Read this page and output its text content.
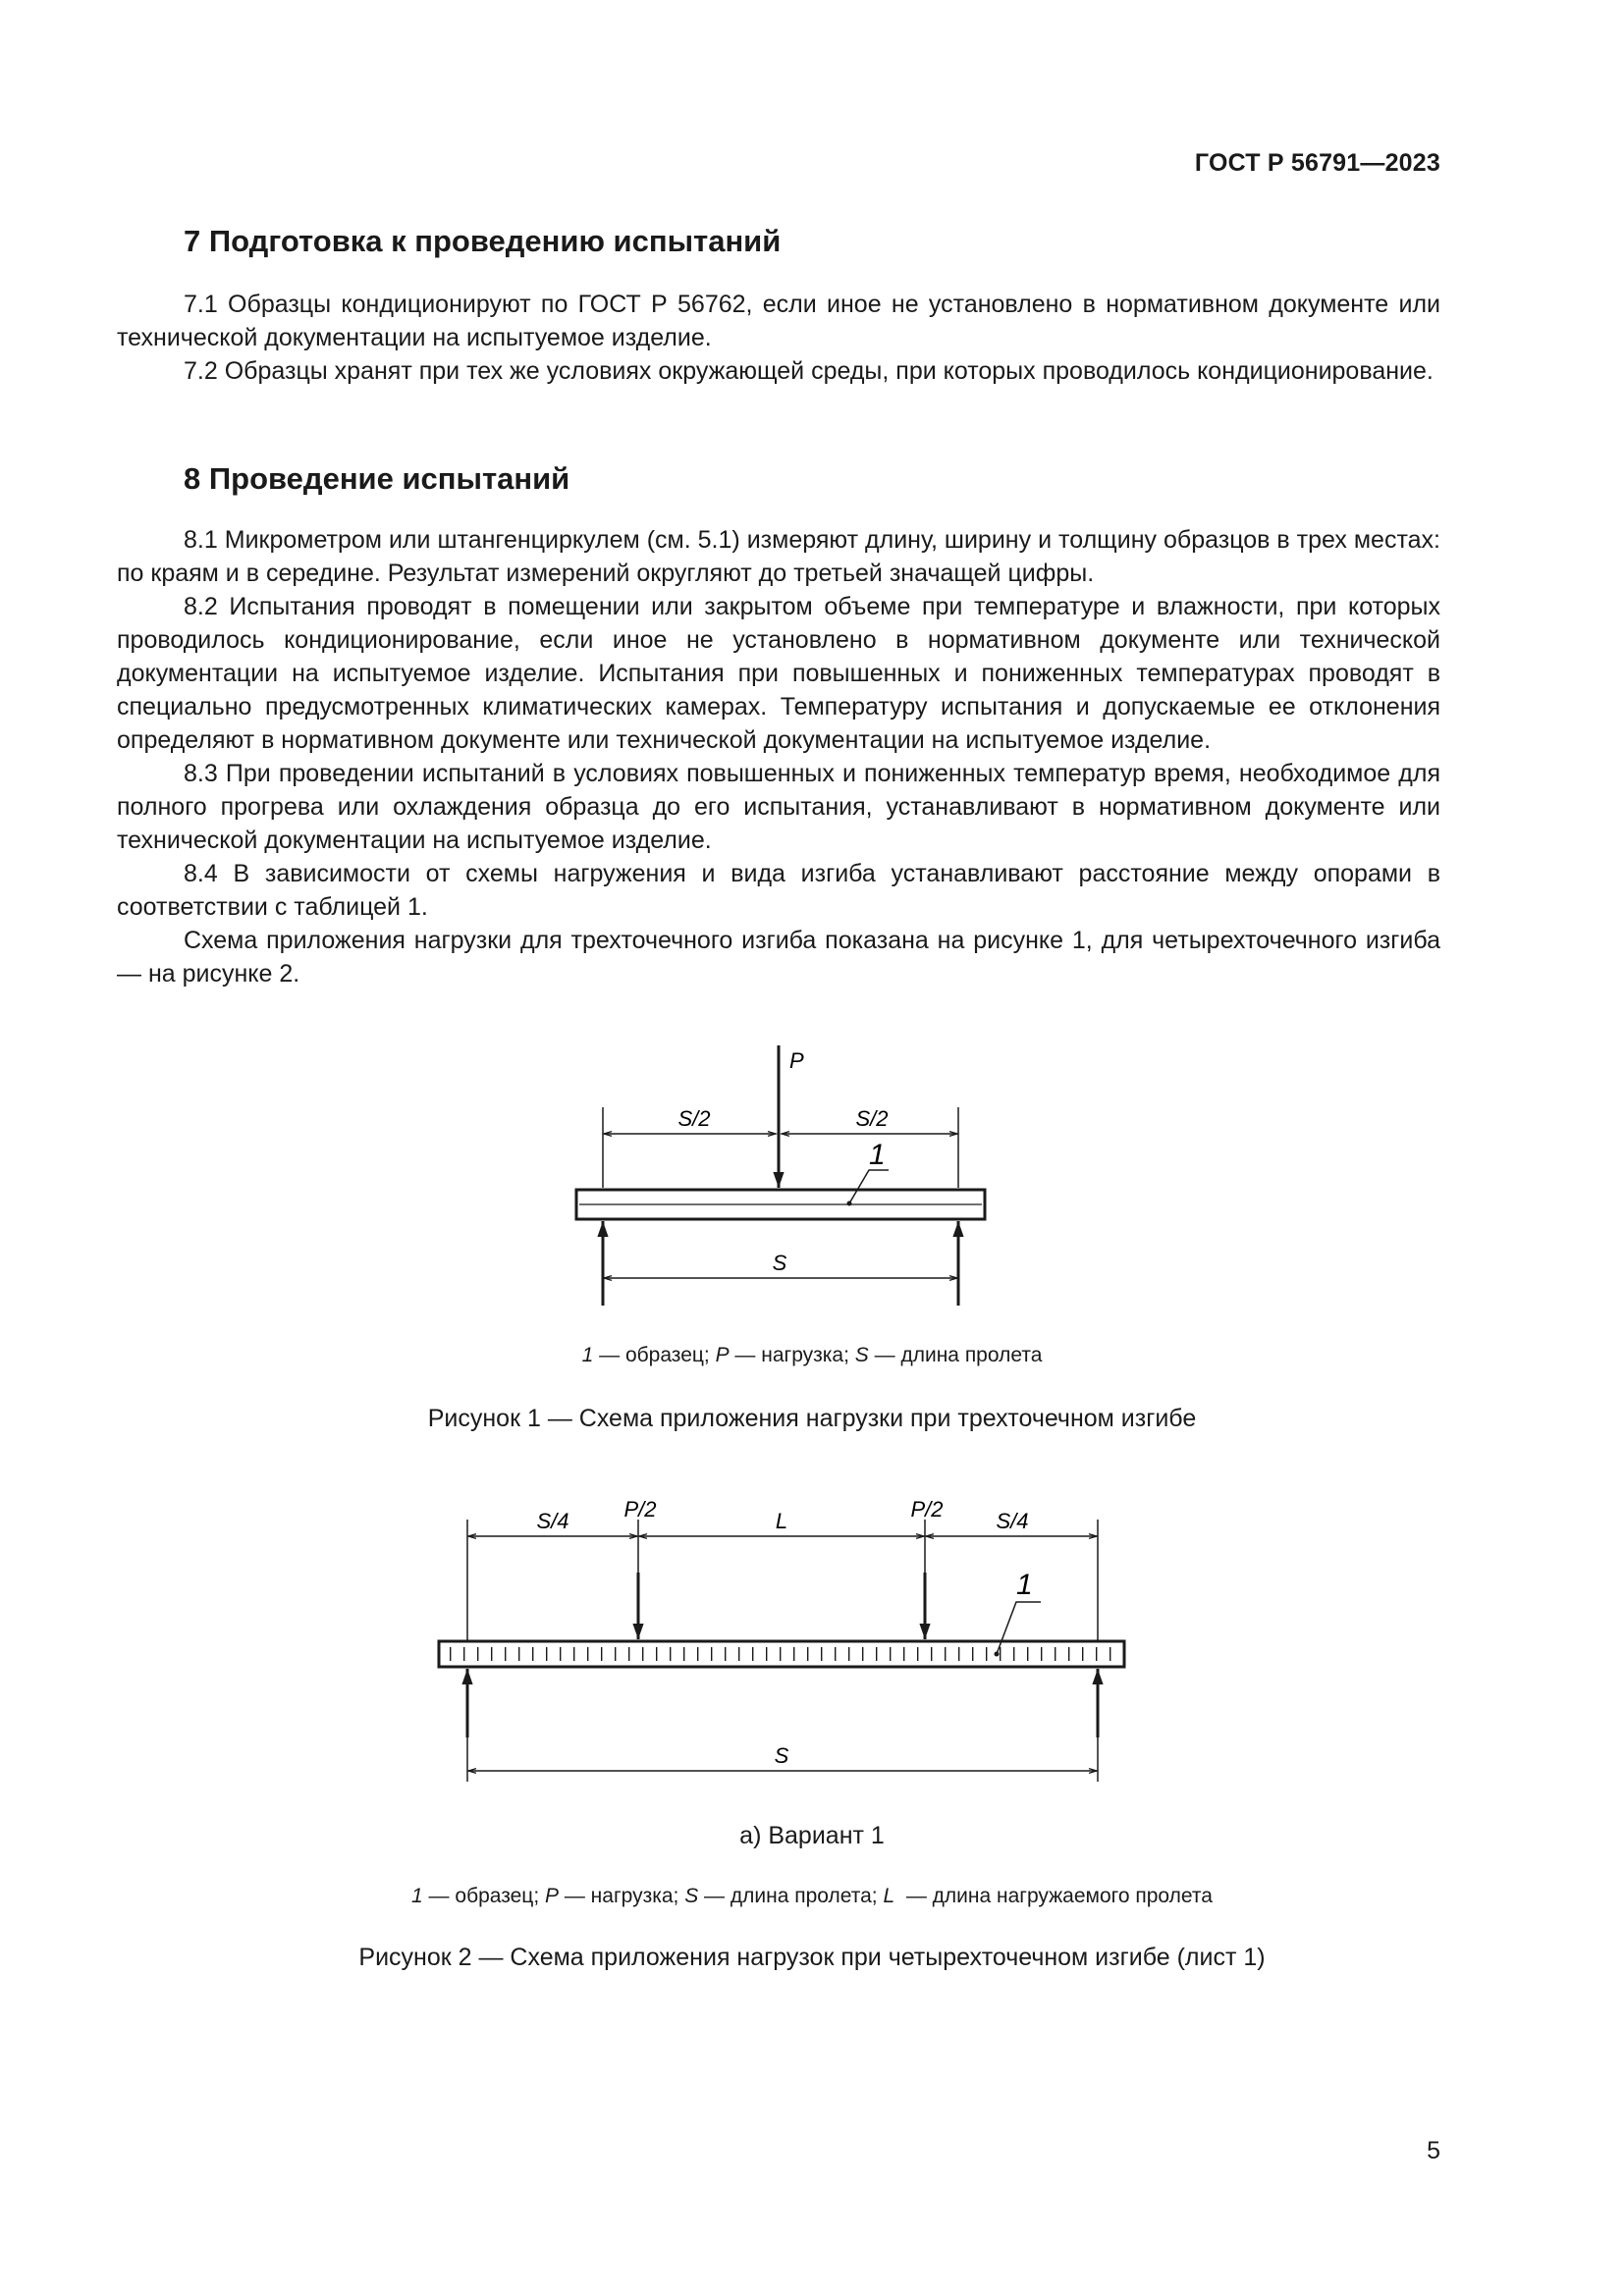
ГОСТ Р 56791—2023
7 Подготовка к проведению испытаний

7.1 Образцы кондиционируют по ГОСТ Р 56762, если иное не установлено в нормативном документе или технической документации на испытуемое изделие.

7.2 Образцы хранят при тех же условиях окружающей среды, при которых проводилось кондиционирование.

8 Проведение испытаний

8.1 Микрометром или штангенциркулем (см. 5.1) измеряют длину, ширину и толщину образцов в трех местах: по краям и в середине. Результат измерений округляют до третьей значащей цифры.

8.2 Испытания проводят в помещении или закрытом объеме при температуре и влажности, при которых проводилось кондиционирование, если иное не установлено в нормативном документе или технической документации на испытуемое изделие. Испытания при повышенных и пониженных температурах проводят в специально предусмотренных климатических камерах. Температуру испытания и допускаемые ее отклонения определяют в нормативном документе или технической документации на испытуемое изделие.

8.3 При проведении испытаний в условиях повышенных и пониженных температур время, необходимое для полного прогрева или охлаждения образца до его испытания, устанавливают в нормативном документе или технической документации на испытуемое изделие.

8.4 В зависимости от схемы нагружения и вида изгиба устанавливают расстояние между опорами в соответствии с таблицей 1.

Схема приложения нагрузки для трехточечного изгиба показана на рисунке 1, для четырехточечного изгиба — на рисунке 2.

S/2	S/2
P
1
S
1 — образец; P — нагрузка; S — длина пролета
Рисунок 1 — Схема приложения нагрузки при трехточечном изгибе
S/4	P/2	L	P/2 S/4
1
S
а) Вариант 1
1 — образец; P — нагрузка; S — длина пролета; L  — длина нагружаемого пролета
Рисунок 2 — Схема приложения нагрузок при четырехточечном изгибе (лист 1)
5
